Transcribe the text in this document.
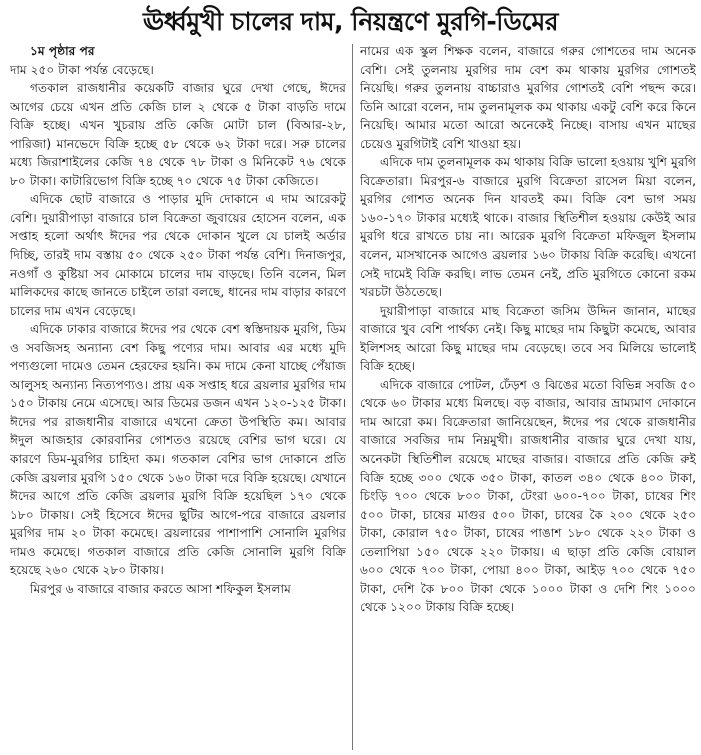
ঊর্ধ্বমুখী চালের দাম, নিয়ন্ত্রণে মুরগি-ডিমের

১ম পৃষ্ঠার পর

দাম ২৫০ টাকা পর্যন্ত বেড়েছে।

গতকাল রাজধানীর কয়েকটি বাজার ঘুরে দেখা গেছে, ঈদের আগের চেয়ে এখন প্রতি কেজি চাল ২ থেকে ৫ টাকা বাড়তি দামে বিক্রি হচ্ছে। এখন খুচরায় প্রতি কেজি মোটা চাল (বিআর-২৮, পারিজা) মানভেদে বিক্রি হচ্ছে ৫৮ থেকে ৬২ টাকা দরে। সরু চালের মধ্যে জিরাশাইলের কেজি ৭৪ থেকে ৭৮ টাকা ও মিনিকেট ৭৬ থেকে ৮০ টাকা। কাটারিভোগ বিক্রি হচ্ছে ৭০ থেকে ৭৫ টাকা কেজিতে।

এদিকে ছোট বাজারে ও পাড়ার মুদি দোকানে এ দাম আরেকটু বেশি। দুয়ারীপাড়া বাজারে চাল বিক্রেতা জুবায়ের হোসেন বলেন, এক সপ্তাহ হলো অর্থাৎ ঈদের পর থেকে দোকান খুলে যে চালই অর্ডার দিচ্ছি, তারই দাম বস্তায় ৫০ থেকে ২৫০ টাকা পর্যন্ত বেশি। দিনাজপুর, নওগাঁ ও কুষ্টিয়া সব মোকামে চালের দাম বাড়ছে। তিনি বলেন, মিল মালিকদের কাছে জানতে চাইলে তারা বলছে, ধানের দাম বাড়ার কারণে চালের দাম এখন বেড়েছে।

এদিকে ঢাকার বাজারে ঈদের পর থেকে বেশ স্বস্তিদায়ক মুরগি, ডিম ও সবজিসহ অন্যান্য বেশ কিছু পণ্যের দাম। আবার এর মধ্যে মুদি পণ্যগুলো দামেও তেমন হেরফের হয়নি। কম দামে কেনা যাচ্ছে পেঁয়াজ আলুসহ অন্যান্য নিত্যপণ্যও। প্রায় এক সপ্তাহ ধরে ব্রয়লার মুরগির দাম ১৫০ টাকায় নেমে এসেছে। আর ডিমের ডজন এখন ১২০-১২৫ টাকা। ঈদের পর রাজধানীর বাজারে এখনো ক্রেতা উপস্থিতি কম। আবার ঈদুল আজহার কোরবানির গোশতও রয়েছে বেশির ভাগ ঘরে। যে কারণে ডিম-মুরগির চাহিদা কম। গতকাল বেশির ভাগ দোকানে প্রতি কেজি ব্রয়লার মুরগি ১৫০ থেকে ১৬০ টাকা দরে বিক্রি হয়েছে। যেখানে ঈদের আগে প্রতি কেজি ব্রয়লার মুরগি বিক্রি হয়েছিল ১৭০ থেকে ১৮০ টাকায়। সেই হিসেবে ঈদের ছুটির আগে-পরে বাজারে ব্রয়লার মুরগির দাম ২০ টাকা কমেছে। ব্রয়লারের পাশাপাশি সোনালি মুরগির দামও কমেছে। গতকাল বাজারে প্রতি কেজি সোনালি মুরগি বিক্রি হয়েছে ২৬০ থেকে ২৮০ টাকায়।

মিরপুর ৬ বাজারে বাজার করতে আসা শফিকুল ইসলাম

নামের এক স্কুল শিক্ষক বলেন, বাজারে গরুর গোশতের দাম অনেক বেশি। সেই তুলনায় মুরগির দাম বেশ কম থাকায় মুরগির গোশতই নিয়েছি। গরুর তুলনায় বাচ্চারাও মুরগির গোশতই বেশি পছন্দ করে। তিনি আরো বলেন, দাম তুলনামূলক কম থাকায় একটু বেশি করে কিনে নিয়েছি। আমার মতো আরো অনেকেই নিচ্ছে। বাসায় এখন মাছের চেয়েও মুরগিটাই বেশি খাওয়া হয়।

এদিকে দাম তুলনামূলক কম থাকায় বিক্রি ভালো হওয়ায় খুশি মুরগি বিক্রেতারা। মিরপুর-৬ বাজারে মুরগি বিক্রেতা রাসেল মিয়া বলেন, মুরগির গোশত অনেক দিন যাবতই কম। বিক্রি বেশ ভাগ সময় ১৬০-১৭০ টাকার মধ্যেই থাকে। বাজার স্থিতিশীল হওয়ায় কেউই আর মুরগি ধরে রাখতে চায় না। আরেক মুরগি বিক্রেতা মফিজুল ইসলাম বলেন, মাসখানেক আগেও ব্রয়লার ১৬০ টাকায় বিক্রি করেছি। এখনো সেই দামেই বিক্রি করছি। লাভ তেমন নেই, প্রতি মুরগিতে কোনো রকম খরচটা উঠতেছে।

দুয়ারীপাড়া বাজারে মাছ বিক্রেতা জসিম উদ্দিন জানান, মাছের বাজারে খুব বেশি পার্থক্য নেই। কিছু মাছের দাম কিছুটা কমেছে, আবার ইলিশসহ আরো কিছু মাছের দাম বেড়েছে। তবে সব মিলিয়ে ভালোই বিক্রি হচ্ছে।

এদিকে বাজারে পোটল, ঢেঁড়শ ও ঝিঙের মতো বিভিন্ন সবজি ৫০ থেকে ৬০ টাকার মধ্যে মিলছে। বড় বাজার, আবার ভ্রাম্যমাণ দোকানে দাম আরো কম। বিক্রেতারা জানিয়েছেন, ঈদের পর থেকে রাজধানীর বাজারে সবজির দাম নিম্নমুখী। রাজধানীর বাজার ঘুরে দেখা যায়, অনেকটা স্থিতিশীল রয়েছে মাছের বাজার। বাজারে প্রতি কেজি রুই বিক্রি হচ্ছে ৩০০ থেকে ৩৫০ টাকা, কাতল ৩৪০ থেকে ৪০০ টাকা, চিংড়ি ৭০০ থেকে ৮০০ টাকা, টেংরা ৬০০-৭০০ টাকা, চাষের শিং ৫০০ টাকা, চাষের মাগুর ৫০০ টাকা, চাষের কৈ ২০০ থেকে ২৫০ টাকা, কোরাল ৭৫০ টাকা, চাষের পাঙাশ ১৮০ থেকে ২২০ টাকা ও তেলাপিয়া ১৫০ থেকে ২২০ টাকায়। এ ছাড়া প্রতি কেজি বোয়াল ৬০০ থেকে ৭০০ টাকা, পোয়া ৪০০ টাকা, আইড় ৭০০ থেকে ৭৫০ টাকা, দেশি কৈ ৮০০ টাকা থেকে ১০০০ টাকা ও দেশি শিং ১০০০ থেকে ১২০০ টাকায় বিক্রি হচ্ছে।
